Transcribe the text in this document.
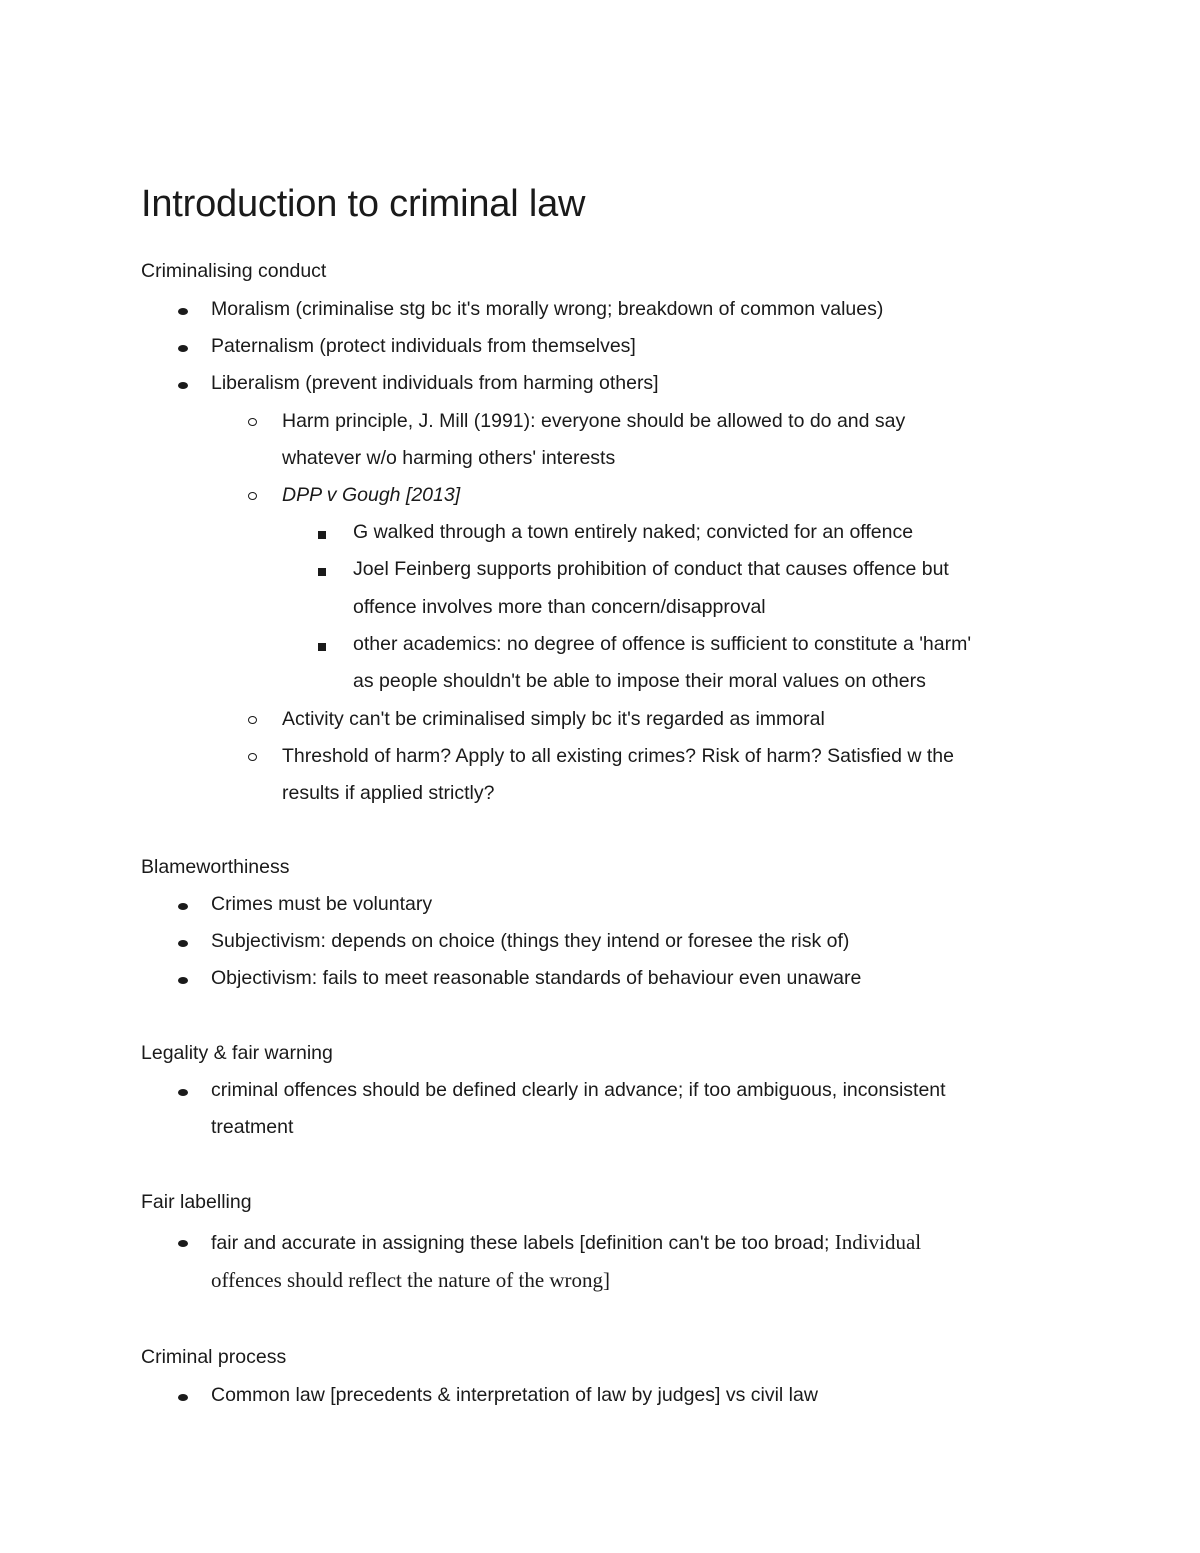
Introduction to criminal law
Criminalising conduct
Moralism (criminalise stg bc it's morally wrong; breakdown of common values)
Paternalism (protect individuals from themselves]
Liberalism (prevent individuals from harming others]
Harm principle, J. Mill (1991): everyone should be allowed to do and say
whatever w/o harming others' interests
DPP v Gough [2013]
G walked through a town entirely naked; convicted for an offence
Joel Feinberg supports prohibition of conduct that causes offence but
offence involves more than concern/disapproval
other academics: no degree of offence is sufficient to constitute a 'harm'
as people shouldn't be able to impose their moral values on others
Activity can't be criminalised simply bc it's regarded as immoral
Threshold of harm? Apply to all existing crimes? Risk of harm? Satisfied w the
results if applied strictly?
Blameworthiness
Crimes must be voluntary
Subjectivism: depends on choice (things they intend or foresee the risk of)
Objectivism: fails to meet reasonable standards of behaviour even unaware
Legality & fair warning
criminal offences should be defined clearly in advance; if too ambiguous, inconsistent
treatment
Fair labelling
fair and accurate in assigning these labels [definition can't be too broad; Individual
offences should reflect the nature of the wrong]
Criminal process
Common law [precedents & interpretation of law by judges] vs civil law
